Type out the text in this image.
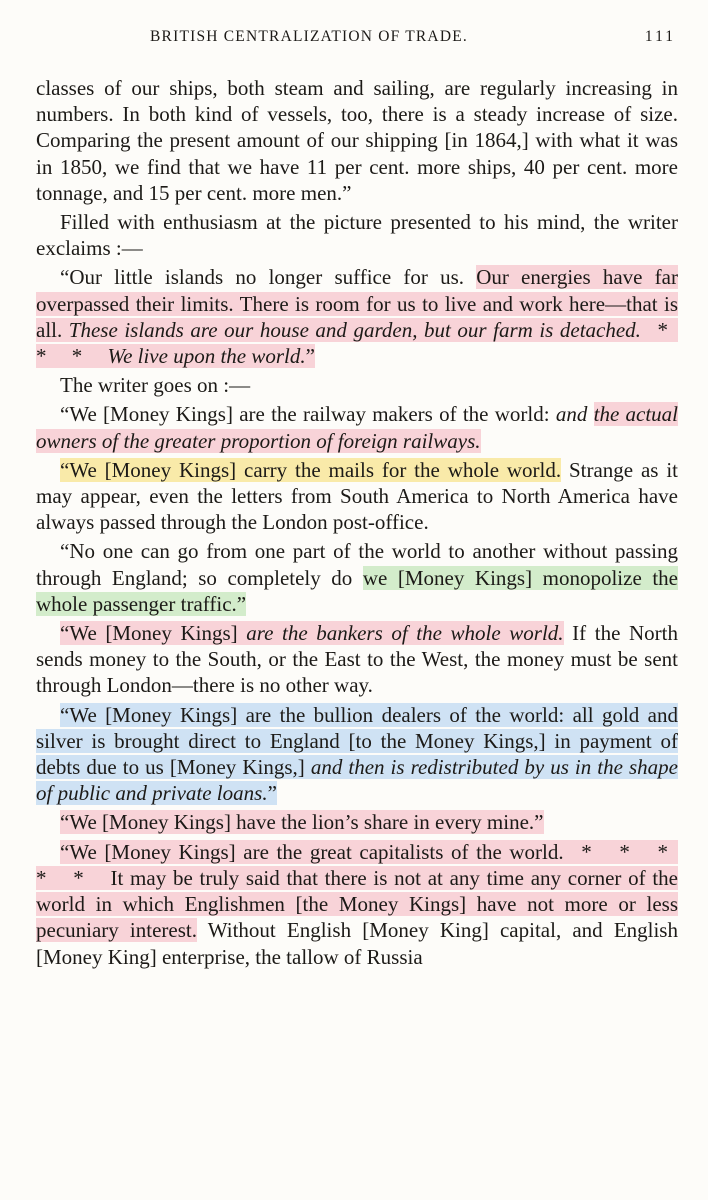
BRITISH CENTRALIZATION OF TRADE.	111

classes of our ships, both steam and sailing, are regularly increasing in numbers. In both kind of vessels, too, there is a steady increase of size. Comparing the present amount of our shipping [in 1864,] with what it was in 1850, we find that we have 11 per cent. more ships, 40 per cent. more tonnage, and 15 per cent. more men.”

Filled with enthusiasm at the picture presented to his mind, the writer exclaims :—

“Our little islands no longer suffice for us. Our energies have far overpassed their limits. There is room for us to live and work here—that is all. These islands are our house and garden, but our farm is detached. * * * We live upon the world.”

The writer goes on :—

“We [Money Kings] are the railway makers of the world: and the actual owners of the greater proportion of foreign railways.

“We [Money Kings] carry the mails for the whole world. Strange as it may appear, even the letters from South America to North America have always passed through the London post-office.

“No one can go from one part of the world to another without passing through England; so completely do we [Money Kings] monopolize the whole passenger traffic.”

“We [Money Kings] are the bankers of the whole world. If the North sends money to the South, or the East to the West, the money must be sent through London—there is no other way.

“We [Money Kings] are the bullion dealers of the world: all gold and silver is brought direct to England [to the Money Kings,] in payment of debts due to us [Money Kings,] and then is redistributed by us in the shape of public and private loans.”

“We [Money Kings] have the lion’s share in every mine.”

“We [Money Kings] are the great capitalists of the world. * * * * * It may be truly said that there is not at any time any corner of the world in which Englishmen [the Money Kings] have not more or less pecuniary interest. Without English [Money King] capital, and English [Money King] enterprise, the tallow of Russia
